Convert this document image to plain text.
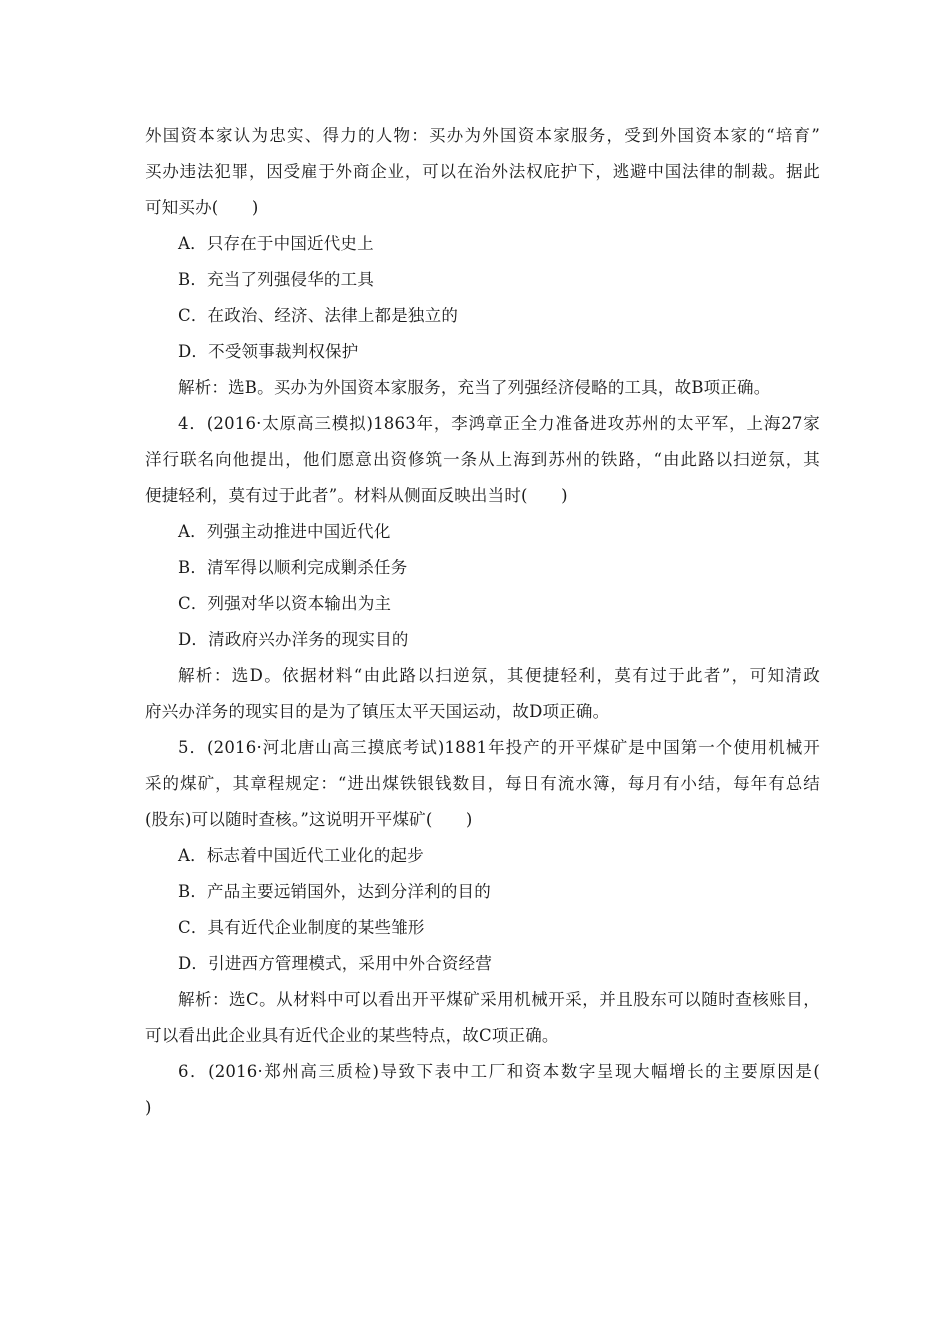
外国资本家认为忠实、得力的人物：买办为外国资本家服务，受到外国资本家的“培育”
买办违法犯罪，因受雇于外商企业，可以在治外法权庇护下，逃避中国法律的制裁。据此
可知买办(　　)
A．只存在于中国近代史上
B．充当了列强侵华的工具
C．在政治、经济、法律上都是独立的
D．不受领事裁判权保护
解析：选B。买办为外国资本家服务，充当了列强经济侵略的工具，故B项正确。
4．(2016·太原高三模拟)1863年，李鸿章正全力准备进攻苏州的太平军，上海27家
洋行联名向他提出，他们愿意出资修筑一条从上海到苏州的铁路，“由此路以扫逆氛，其
便捷轻利，莫有过于此者”。材料从侧面反映出当时(　　)
A．列强主动推进中国近代化
B．清军得以顺利完成剿杀任务
C．列强对华以资本输出为主
D．清政府兴办洋务的现实目的
解析：选D。依据材料“由此路以扫逆氛，其便捷轻利，莫有过于此者”，可知清政
府兴办洋务的现实目的是为了镇压太平天国运动，故D项正确。
5．(2016·河北唐山高三摸底考试)1881年投产的开平煤矿是中国第一个使用机械开
采的煤矿，其章程规定：“进出煤铁银钱数目，每日有流水簿，每月有小结，每年有总结
(股东)可以随时查核。”这说明开平煤矿(　　)
A．标志着中国近代工业化的起步
B．产品主要远销国外，达到分洋利的目的
C．具有近代企业制度的某些雏形
D．引进西方管理模式，采用中外合资经营
解析：选C。从材料中可以看出开平煤矿采用机械开采，并且股东可以随时查核账目，
可以看出此企业具有近代企业的某些特点，故C项正确。
6．(2016·郑州高三质检)导致下表中工厂和资本数字呈现大幅增长的主要原因是(
)
